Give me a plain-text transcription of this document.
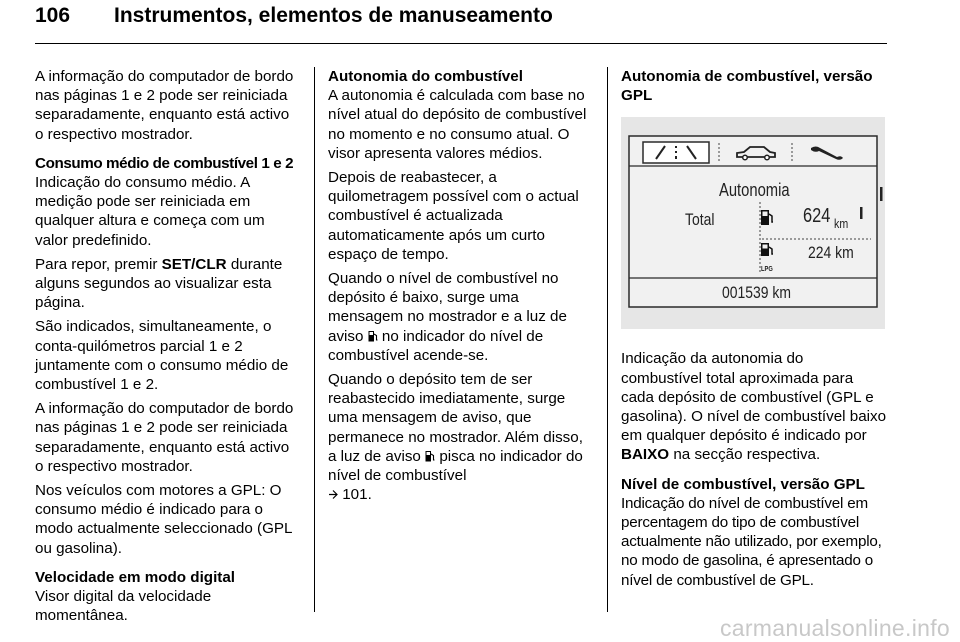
106 Instrumentos, elementos de manuseamento

A informação do computador de bordo nas páginas 1 e 2 pode ser reiniciada separadamente, enquanto está activo o respectivo mostrador.

Consumo médio de combustível 1 e 2

Indicação do consumo médio. A medição pode ser reiniciada em qualquer altura e começa com um valor predefinido.

Para repor, premir SET/CLR durante alguns segundos ao visualizar esta página.

São indicados, simultaneamente, o conta-quilómetros parcial 1 e 2 juntamente com o consumo médio de combustível 1 e 2.

A informação do computador de bordo nas páginas 1 e 2 pode ser reiniciada separadamente, enquanto está activo o respectivo mostrador.

Nos veículos com motores a GPL: O consumo médio é indicado para o modo actualmente seleccionado (GPL ou gasolina).

Velocidade em modo digital

Visor digital da velocidade momentânea.

Autonomia do combustível

A autonomia é calculada com base no nível atual do depósito de combustível no momento e no consumo atual. O visor apresenta valores médios.

Depois de reabastecer, a quilometragem possível com o actual combustível é actualizada automaticamente após um curto espaço de tempo.

Quando o nível de combustível no depósito é baixo, surge uma mensagem no mostrador e a luz de aviso  no indicador do nível de combustível acende-se.

Quando o depósito tem de ser reabastecido imediatamente, surge uma mensagem de aviso, que permanece no mostrador. Além disso, a luz de aviso  pisca no indicador do nível de combustível
101.

Autonomia de combustível, versão GPL

Autonomia
Total	624 km
LPG
224 km
001539 km

Indicação da autonomia do combustível total aproximada para cada depósito de combustível (GPL e gasolina). O nível de combustível baixo em qualquer depósito é indicado por BAIXO na secção respectiva.

Nível de combustível, versão GPL

Indicação do nível de combustível em percentagem do tipo de combustível actualmente não utilizado, por exemplo, no modo de gasolina, é apresentado o nível de combustível de GPL.

carmanualsonline.info
